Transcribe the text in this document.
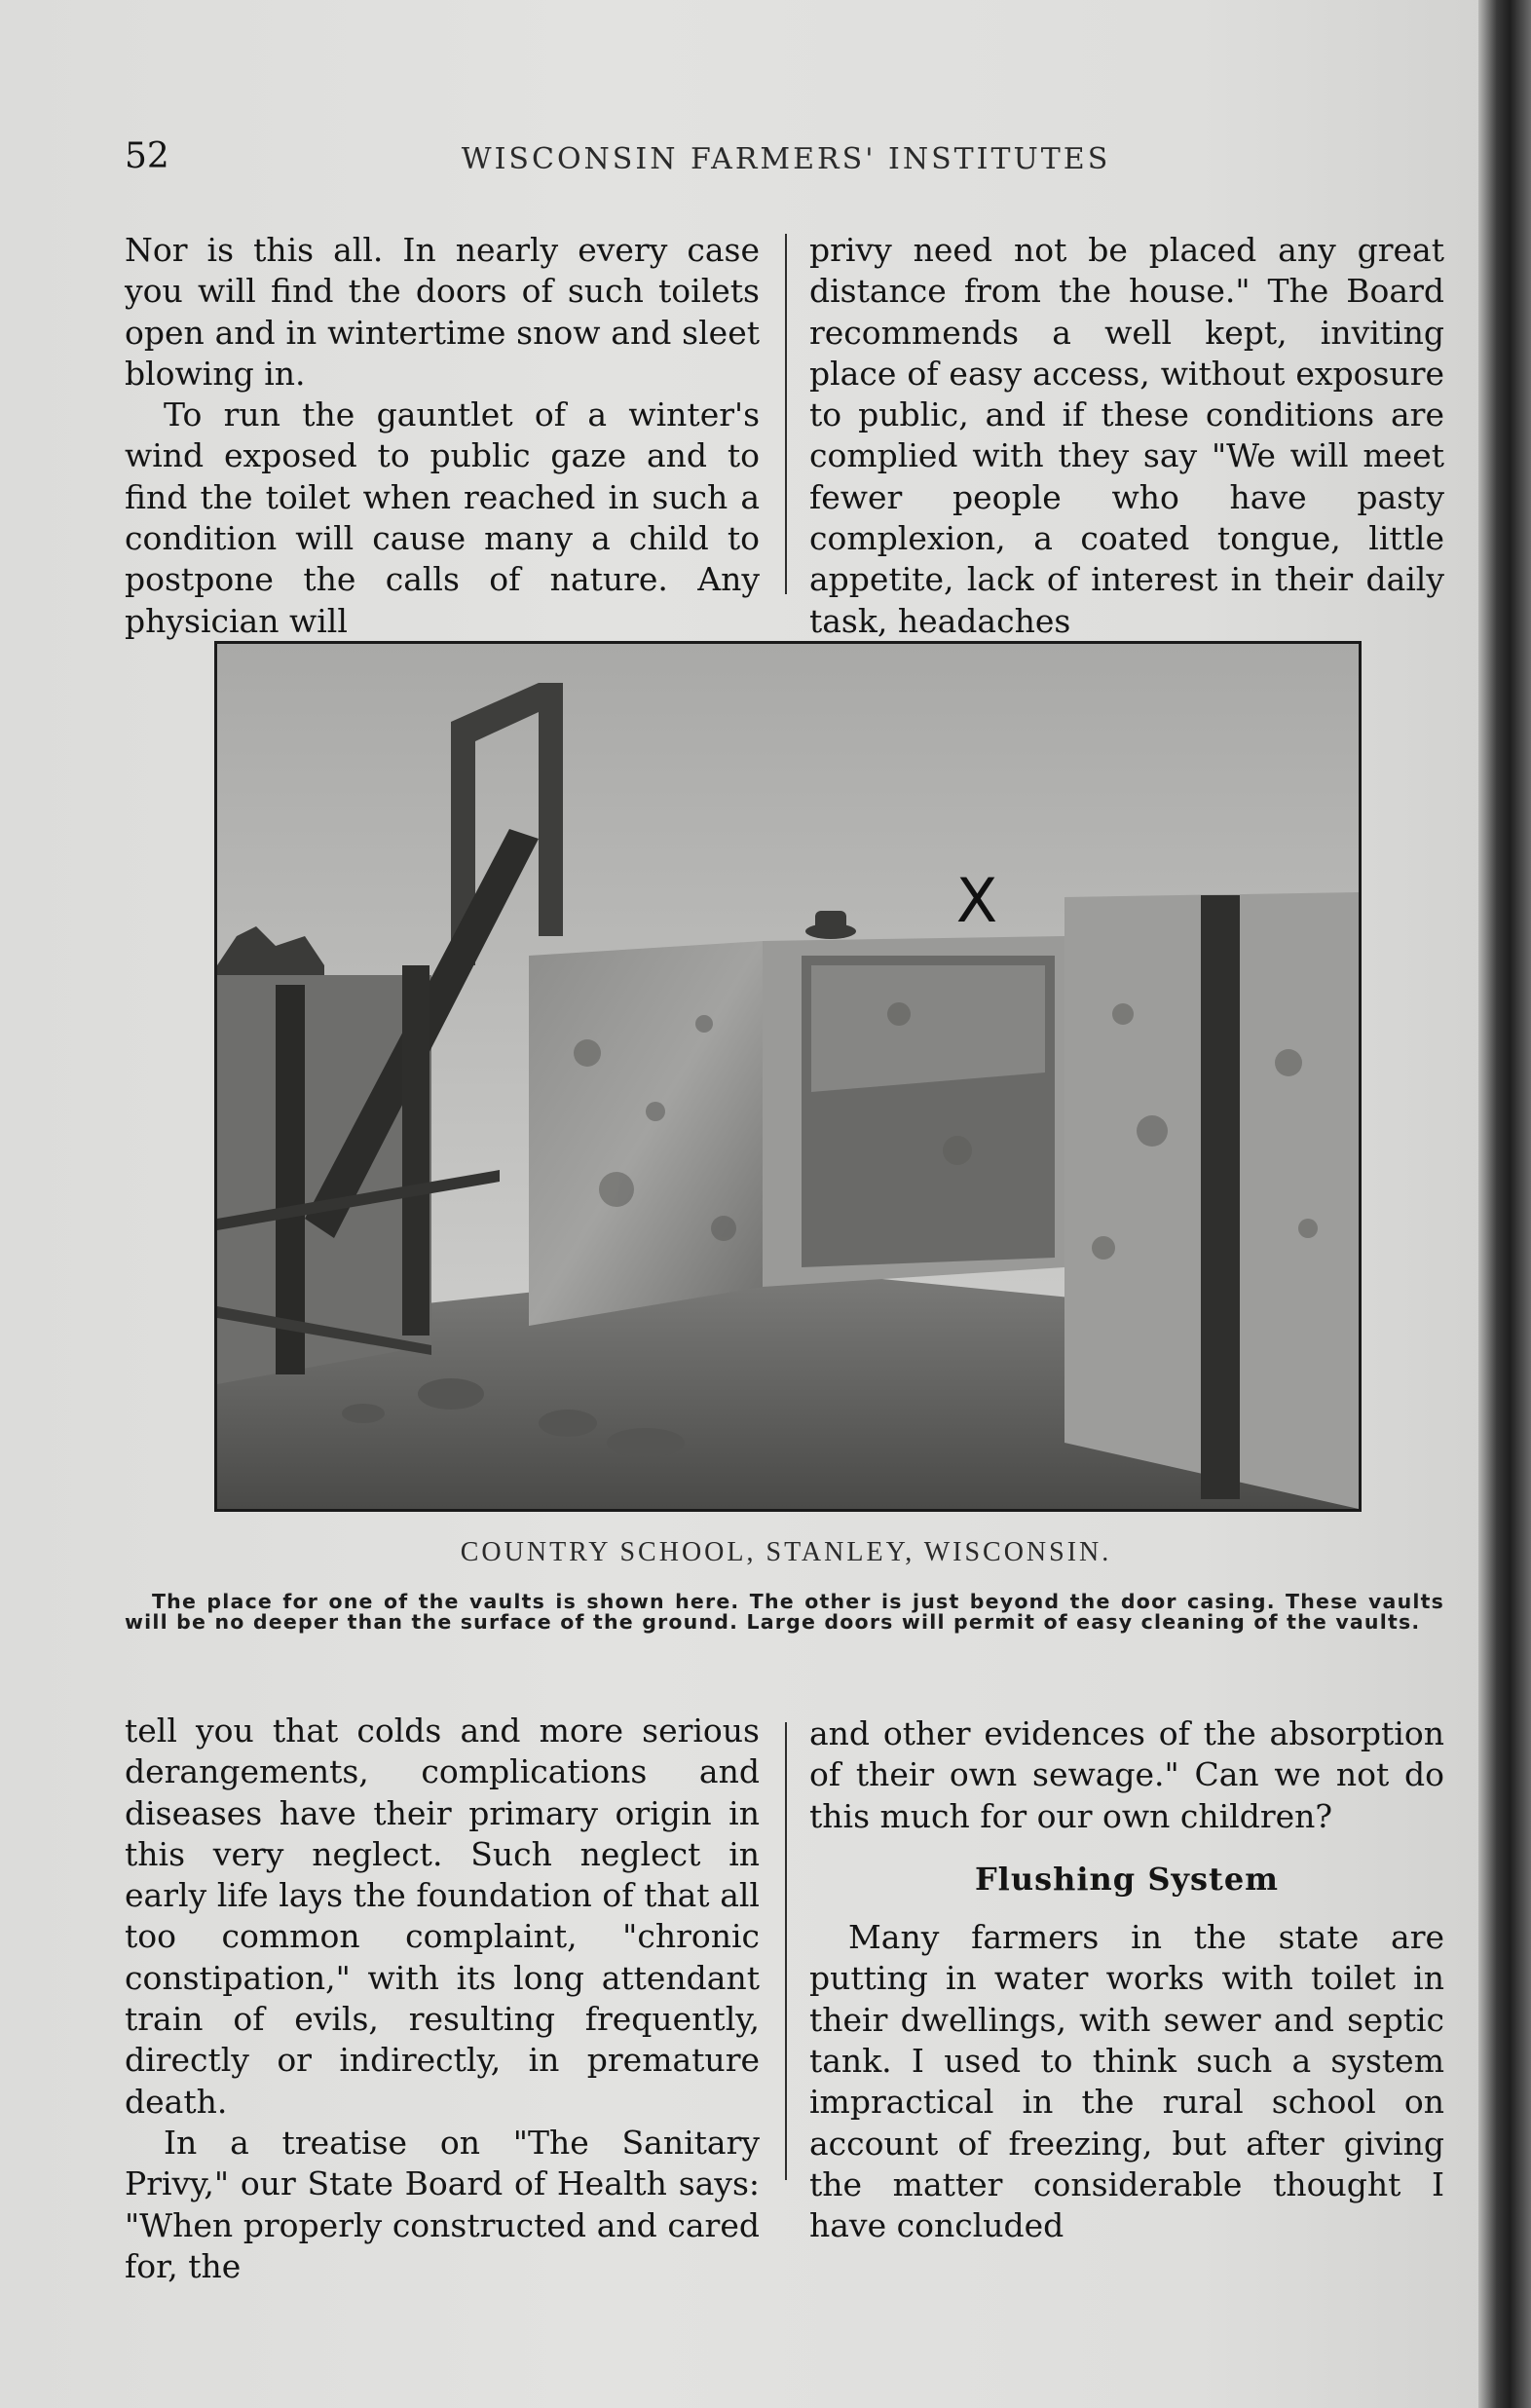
52	WISCONSIN FARMERS' INSTITUTES

Nor is this all. In nearly every case you will find the doors of such toilets open and in wintertime snow and sleet blowing in.

To run the gauntlet of a winter's wind exposed to public gaze and to find the toilet when reached in such a condition will cause many a child to postpone the calls of nature. Any physician will

privy need not be placed any great distance from the house." The Board recommends a well kept, inviting place of easy access, without exposure to public, and if these conditions are complied with they say "We will meet fewer people who have pasty complexion, a coated tongue, little appetite, lack of interest in their daily task, headaches

X
COUNTRY SCHOOL, STANLEY, WISCONSIN.
The place for one of the vaults is shown here. The other is just beyond the door casing. These vaults will be no deeper than the surface of the ground. Large doors will permit of easy cleaning of the vaults.

tell you that colds and more serious derangements, complications and diseases have their primary origin in this very neglect. Such neglect in early life lays the foundation of that all too common complaint, "chronic constipation," with its long attendant train of evils, resulting frequently, directly or indirectly, in premature death.

In a treatise on "The Sanitary Privy," our State Board of Health says: "When properly constructed and cared for, the

and other evidences of the absorption of their own sewage." Can we not do this much for our own children?

Flushing System

Many farmers in the state are putting in water works with toilet in their dwellings, with sewer and septic tank. I used to think such a system impractical in the rural school on account of freezing, but after giving the matter considerable thought I have concluded
